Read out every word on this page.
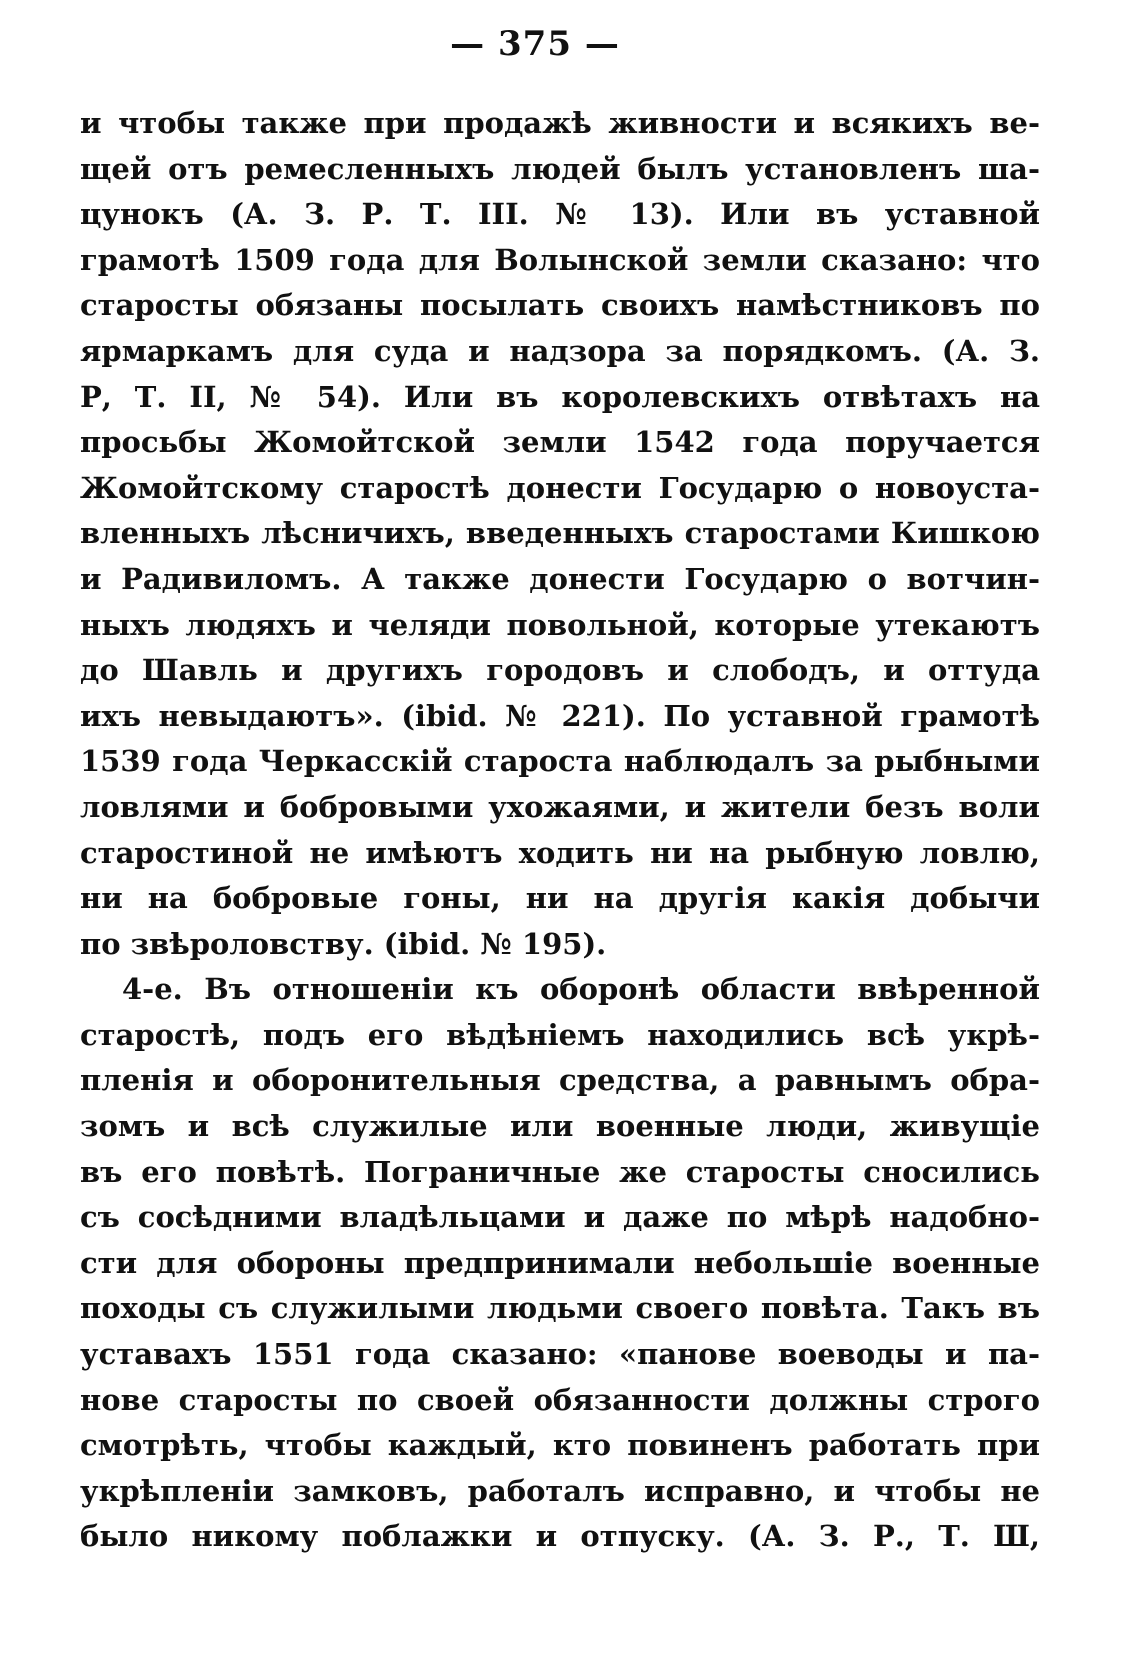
— 375 —
и чтобы также при продажѣ живности и всякихъ ве-
щей отъ ремесленныхъ людей былъ установленъ ша-
цунокъ (А. З. Р. Т. III. № 13). Или въ уставной
грамотѣ 1509 года для Волынской земли сказано: что
старосты обязаны посылать своихъ намѣстниковъ по
ярмаркамъ для суда и надзора за порядкомъ. (А. З.
Р, Т. II, № 54). Или въ королевскихъ отвѣтахъ на
просьбы Жомойтской земли 1542 года поручается
Жомойтскому старостѣ донести Государю о новоуста-
вленныхъ лѣсничихъ, введенныхъ старостами Кишкою
и Радивиломъ. А также донести Государю о вотчин-
ныхъ людяхъ и челяди повольной, которые утекаютъ
до Шавль и другихъ городовъ и слободъ, и оттуда
ихъ невыдаютъ». (ibid. № 221). По уставной грамотѣ
1539 года Черкасскій староста наблюдалъ за рыбными
ловлями и бобровыми ухожаями, и жители безъ воли
старостиной не имѣютъ ходить ни на рыбную ловлю,
ни на бобровые гоны, ни на другія какія добычи
по звѣроловству. (ibid. № 195).
4-е. Въ отношеніи къ оборонѣ области ввѣренной
старостѣ, подъ его вѣдѣніемъ находились всѣ укрѣ-
пленія и оборонительныя средства, а равнымъ обра-
зомъ и всѣ служилые или военные люди, живущіе
въ его повѣтѣ. Пограничные же старосты сносились
съ сосѣдними владѣльцами и даже по мѣрѣ надобно-
сти для обороны предпринимали небольшіе военные
походы съ служилыми людьми своего повѣта. Такъ въ
уставахъ 1551 года сказано: «панове воеводы и па-
нове старосты по своей обязанности должны строго
смотрѣть, чтобы каждый, кто повиненъ работать при
укрѣпленіи замковъ, работалъ исправно, и чтобы не
было никому поблажки и отпуску. (А. З. Р., Т. Ш,
